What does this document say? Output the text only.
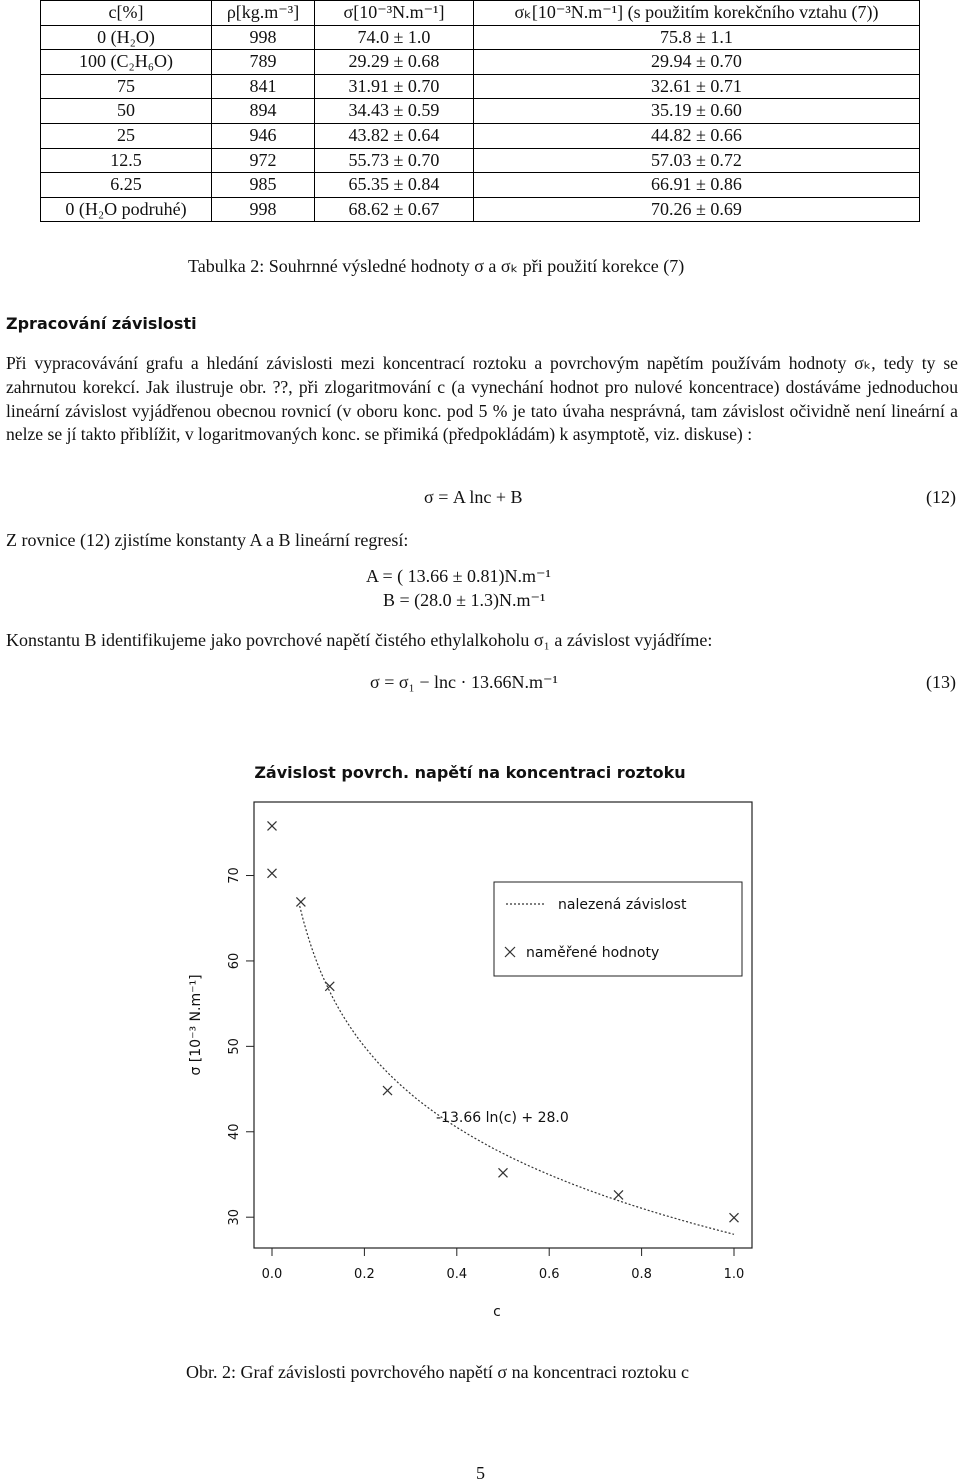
c[%]	ρ[kg.m⁻³]	σ[10⁻³N.m⁻¹]	σₖ[10⁻³N.m⁻¹] (s použitím korekčního vztahu (7))
0 (H₂O)	998	74.0 ± 1.0	75.8 ± 1.1
100 (C₂H₆O)	789	29.29 ± 0.68	29.94 ± 0.70
75	841	31.91 ± 0.70	32.61 ± 0.71
50	894	34.43 ± 0.59	35.19 ± 0.60
25	946	43.82 ± 0.64	44.82 ± 0.66
12.5	972	55.73 ± 0.70	57.03 ± 0.72
6.25	985	65.35 ± 0.84	66.91 ± 0.86
0 (H₂O podruhé)	998	68.62 ± 0.67	70.26 ± 0.69
Tabulka 2: Souhrnné výsledné hodnoty σ a σₖ při použití korekce (7)
Zpracování závislosti
Při vypracovávání grafu a hledání závislosti mezi koncentrací roztoku a povrchovým napětím používám hodnoty σₖ, tedy ty se zahrnutou korekcí. Jak ilustruje obr. ??, při zlogaritmování c (a vynechání hodnot pro nulové koncentrace) dostáváme jednoduchou lineární závislost vyjádřenou obecnou rovnicí (v oboru konc. pod 5 % je tato úvaha nesprávná, tam závislost očividně není lineární a nelze se jí takto přiblížit, v logaritmovaných konc. se přimiká (předpokládám) k asymptotě, viz. diskuse) :
σ = A lnc + B	(12)
Z rovnice (12) zjistíme konstanty A a B lineární regresí:
A = ( 13.66 ± 0.81)N.m⁻¹
B = (28.0 ± 1.3)N.m⁻¹
Konstantu B identifikujeme jako povrchové napětí čistého ethylalkoholu σ₁ a závislost vyjádříme:
σ = σ₁ − lnc · 13.66N.m⁻¹	(13)
Závislost povrch. napětí na koncentraci roztoku
30
40
50
60
70
0.0	0.2	0.4	0.6	0.8	1.0
σ [10⁻³ N.m⁻¹]
c
-13.66 ln(c) + 28.0
nalezená závislost
naměřené hodnoty
Obr. 2: Graf závislosti povrchového napětí σ na koncentraci roztoku c
5
